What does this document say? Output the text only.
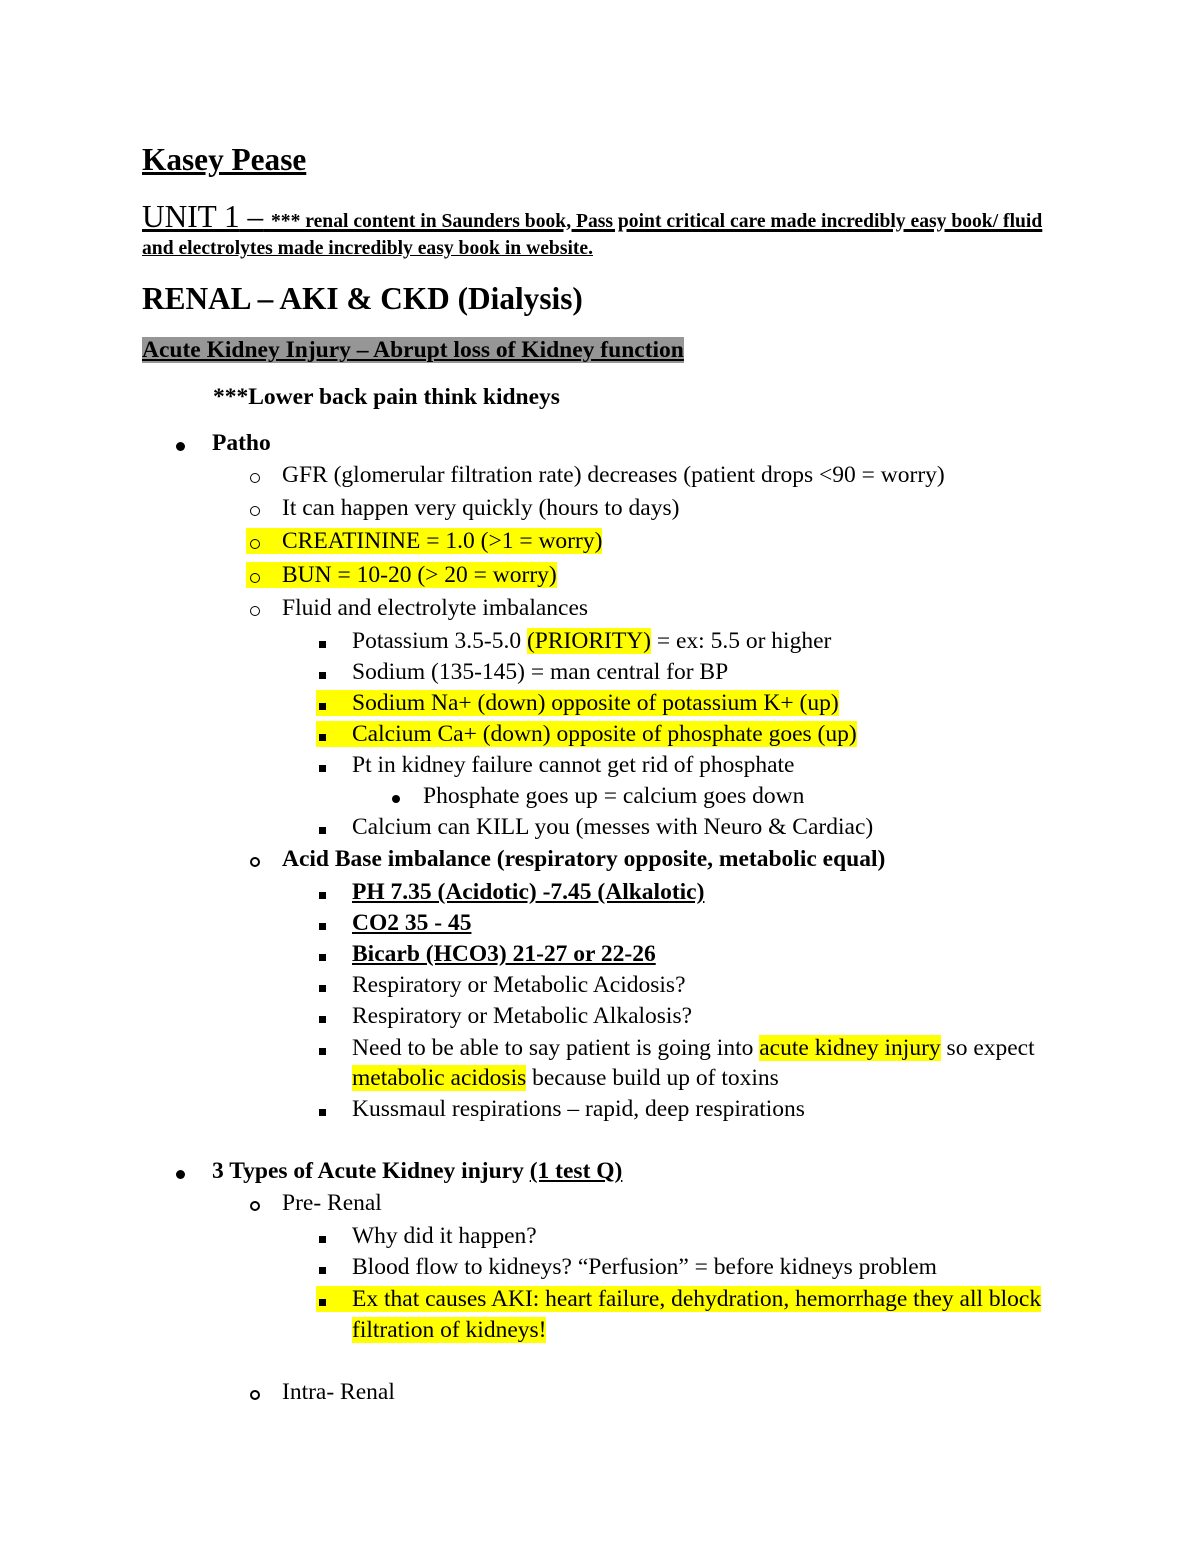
Kasey Pease
UNIT 1 – *** renal content in Saunders book, Pass point critical care made incredibly easy book/ fluid
and electrolytes made incredibly easy book in website.
RENAL – AKI & CKD (Dialysis)
Acute Kidney Injury – Abrupt loss of Kidney function
***Lower back pain think kidneys
Patho
GFR (glomerular filtration rate) decreases (patient drops <90 = worry)
It can happen very quickly (hours to days)
CREATININE = 1.0 (>1 = worry)
BUN = 10-20 (> 20 = worry)
Fluid and electrolyte imbalances
Potassium 3.5-5.0 (PRIORITY) = ex: 5.5 or higher
Sodium (135-145) = man central for BP
Sodium Na+ (down) opposite of potassium K+ (up)
Calcium Ca+ (down) opposite of phosphate goes (up)
Pt in kidney failure cannot get rid of phosphate
Phosphate goes up = calcium goes down
Calcium can KILL you (messes with Neuro & Cardiac)
Acid Base imbalance (respiratory opposite, metabolic equal)
PH 7.35 (Acidotic) -7.45 (Alkalotic)
CO2 35 - 45
Bicarb (HCO3) 21-27 or 22-26
Respiratory or Metabolic Acidosis?
Respiratory or Metabolic Alkalosis?
Need to be able to say patient is going into acute kidney injury so expect
metabolic acidosis because build up of toxins
Kussmaul respirations – rapid, deep respirations
3 Types of Acute Kidney injury (1 test Q)
Pre- Renal
Why did it happen?
Blood flow to kidneys? “Perfusion” = before kidneys problem
Ex that causes AKI: heart failure, dehydration, hemorrhage they all block
filtration of kidneys!
Intra- Renal
